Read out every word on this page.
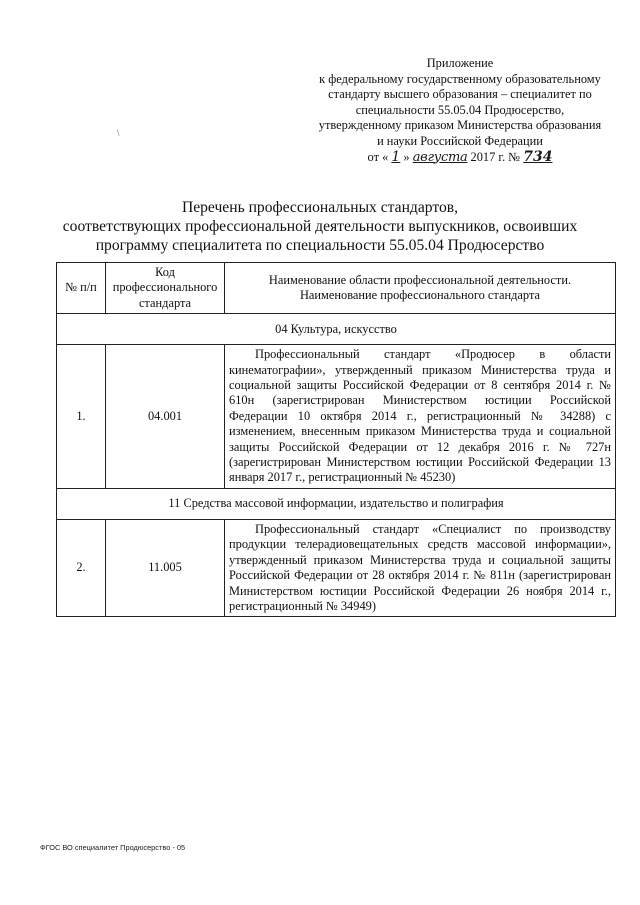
Приложение
к федеральному государственному образовательному
стандарту высшего образования – специалитет по
специальности 55.05.04 Продюсерство,
утвержденному приказом Министерства образования
и науки Российской Федерации
от « 1 » августа 2017 г. № 734
\
Перечень профессиональных стандартов,
соответствующих профессиональной деятельности выпускников, освоивших
программу специалитета по специальности 55.05.04 Продюсерство
№ п/п	Код профессионального стандарта	Наименование области профессиональной деятельности.
Наименование профессионального стандарта
04 Культура, искусство		
1.	04.001	Профессиональный стандарт «Продюсер в области кинематографии», утвержденный приказом Министерства труда и социальной защиты Российской Федерации от 8 сентября 2014 г. № 610н (зарегистрирован Министерством юстиции Российской Федерации 10 октября 2014 г., регистрационный № 34288) с изменением, внесенным приказом Министерства труда и социальной защиты Российской Федерации от 12 декабря 2016 г. № 727н (зарегистрирован Министерством юстиции Российской Федерации 13 января 2017 г., регистрационный № 45230)
11 Средства массовой информации, издательство и полиграфия		
2.	11.005	Профессиональный стандарт «Специалист по производству продукции телерадиовещательных средств массовой информации», утвержденный приказом Министерства труда и социальной защиты Российской Федерации от 28 октября 2014 г. № 811н (зарегистрирован Министерством юстиции Российской Федерации 26 ноября 2014 г., регистрационный № 34949)
ФГОС ВО специалитет Продюсерство - 05
